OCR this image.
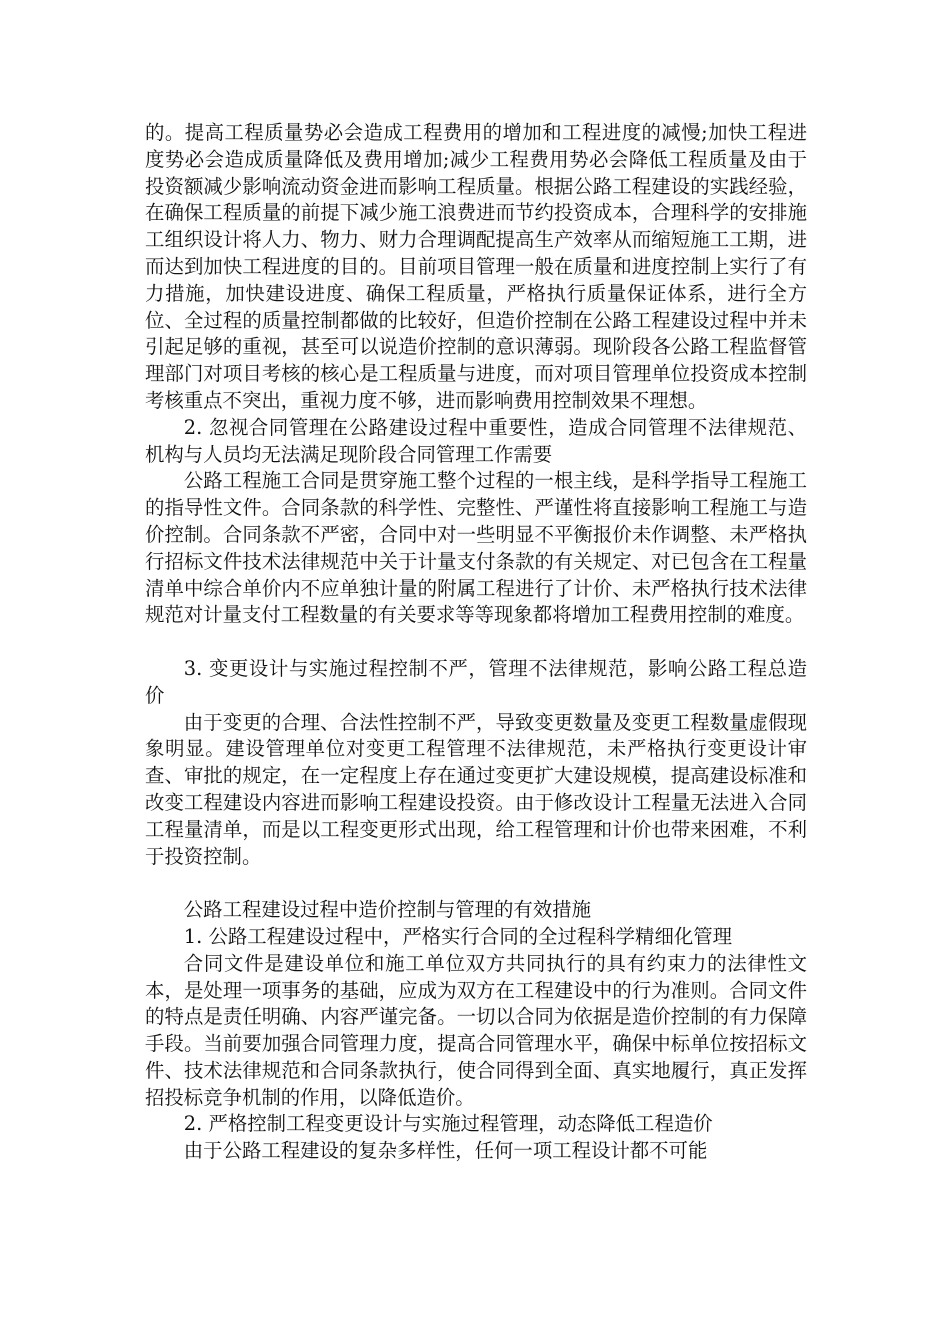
的。提高工程质量势必会造成工程费用的增加和工程进度的减慢;加快工程进度势必会造成质量降低及费用增加;减少工程费用势必会降低工程质量及由于投资额减少影响流动资金进而影响工程质量。根据公路工程建设的实践经验，在确保工程质量的前提下减少施工浪费进而节约投资成本，合理科学的安排施工组织设计将人力、物力、财力合理调配提高生产效率从而缩短施工工期，进而达到加快工程进度的目的。目前项目管理一般在质量和进度控制上实行了有力措施，加快建设进度、确保工程质量，严格执行质量保证体系，进行全方位、全过程的质量控制都做的比较好，但造价控制在公路工程建设过程中并未引起足够的重视，甚至可以说造价控制的意识薄弱。现阶段各公路工程监督管理部门对项目考核的核心是工程质量与进度，而对项目管理单位投资成本控制考核重点不突出，重视力度不够，进而影响费用控制效果不理想。

2. 忽视合同管理在公路建设过程中重要性，造成合同管理不法律规范、机构与人员均无法满足现阶段合同管理工作需要

公路工程施工合同是贯穿施工整个过程的一根主线，是科学指导工程施工的指导性文件。合同条款的科学性、完整性、严谨性将直接影响工程施工与造价控制。合同条款不严密，合同中对一些明显不平衡报价未作调整、未严格执行招标文件技术法律规范中关于计量支付条款的有关规定、对已包含在工程量清单中综合单价内不应单独计量的附属工程进行了计价、未严格执行技术法律规范对计量支付工程数量的有关要求等等现象都将增加工程费用控制的难度。

3. 变更设计与实施过程控制不严，管理不法律规范，影响公路工程总造价

由于变更的合理、合法性控制不严，导致变更数量及变更工程数量虚假现象明显。建设管理单位对变更工程管理不法律规范，未严格执行变更设计审查、审批的规定，在一定程度上存在通过变更扩大建设规模，提高建设标准和改变工程建设内容进而影响工程建设投资。由于修改设计工程量无法进入合同工程量清单，而是以工程变更形式出现，给工程管理和计价也带来困难，不利于投资控制。

公路工程建设过程中造价控制与管理的有效措施

1. 公路工程建设过程中，严格实行合同的全过程科学精细化管理

合同文件是建设单位和施工单位双方共同执行的具有约束力的法律性文本，是处理一项事务的基础，应成为双方在工程建设中的行为准则。合同文件的特点是责任明确、内容严谨完备。一切以合同为依据是造价控制的有力保障手段。当前要加强合同管理力度，提高合同管理水平，确保中标单位按招标文件、技术法律规范和合同条款执行，使合同得到全面、真实地履行，真正发挥招投标竞争机制的作用，以降低造价。

2. 严格控制工程变更设计与实施过程管理，动态降低工程造价

由于公路工程建设的复杂多样性，任何一项工程设计都不可能
